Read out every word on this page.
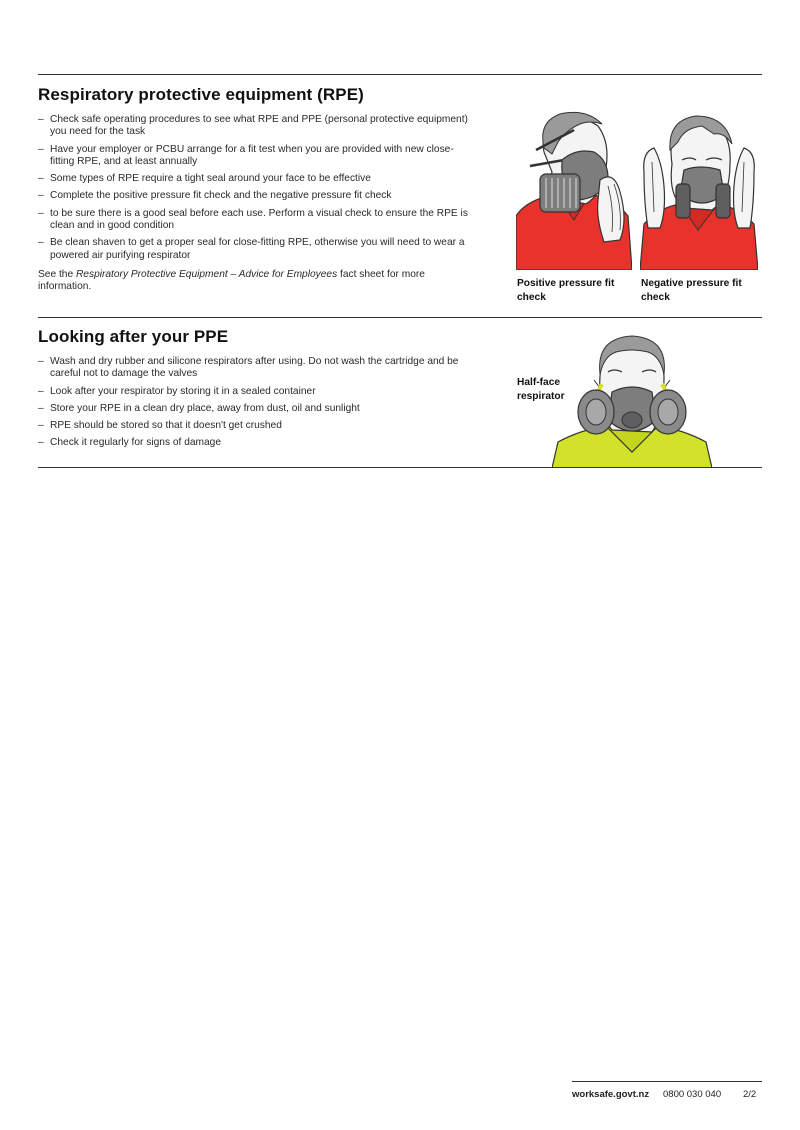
Respiratory protective equipment (RPE)
– Check safe operating procedures to see what RPE and PPE (personal protective equipment) you need for the task
– Have your employer or PCBU arrange for a fit test when you are provided with new close-fitting RPE, and at least annually
– Some types of RPE require a tight seal around your face to be effective
– Complete the positive pressure fit check and the negative pressure fit check
– to be sure there is a good seal before each use. Perform a visual check to ensure the RPE is clean and in good condition
– Be clean shaven to get a proper seal for close-fitting RPE, otherwise you will need to wear a powered air purifying respirator
See the Respiratory Protective Equipment – Advice for Employees fact sheet for more information.	Positive pressure fit check
Negative pressure fit check
Looking after your PPE
– Wash and dry rubber and silicone respirators after using. Do not wash the cartridge and be careful not to damage the valves
– Look after your respirator by storing it in a sealed container
– Store your RPE in a clean dry place, away from dust, oil and sunlight
– RPE should be stored so that it doesn't get crushed
– Check it regularly for signs of damage
Half-face respirator
worksafe.govt.nz 0800 030 040 2/2
